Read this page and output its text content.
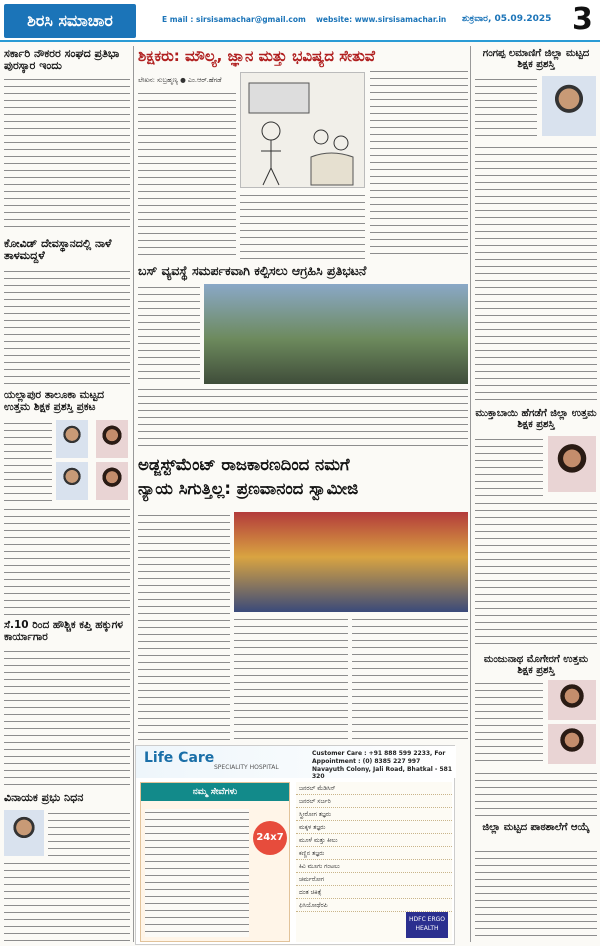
ಶಿರಸಿ ಸಮಾಚಾರ	E mail : sirsisamachar@gmail.com website: www.sirsisamachar.in ಶುಕ್ರವಾರ, 05.09.2025 3
ಸರ್ಕಾರಿ ನೌಕರರ ಸಂಘದ ಪ್ರತಿಭಾ ಪುರಸ್ಕಾರ ಇಂದು
ಕೋವಿಡ್ ದೇವಸ್ಥಾನದಲ್ಲಿ ನಾಳೆ ತಾಳಮದ್ದಳೆ
ಯಲ್ಲಾಪುರ ತಾಲೂಕಾ ಮಟ್ಟದ ಉತ್ತಮ ಶಿಕ್ಷಕ ಪ್ರಶಸ್ತಿ ಪ್ರಕಟ
ಸೆ.10 ರಿಂದ ಹೌಶ್ಚಿಕ ಕಪ್ತಿ ಹಕ್ಕುಗಳ ಕಾರ್ಯಾಗಾರ
ವಿನಾಯಕ ಪ್ರಭು ನಿಧನ
ಶಿಕ್ಷಕರು: ಮೌಲ್ಯ, ಜ್ಞಾನ ಮತ್ತು ಭವಿಷ್ಯದ ಸೇತುವೆ
ಲೇಖನ: ಸುಬ್ರಹ್ಮಣ್ಯ ● ಎಂ.ಆರ್.ಹೆಗಡೆ
ಬಸ್ ವ್ಯವಸ್ಥೆ ಸಮರ್ಪಕವಾಗಿ ಕಲ್ಪಿಸಲು ಆಗ್ರಹಿಸಿ ಪ್ರತಿಭಟನೆ
ಅಡ್ಜಸ್ಟ್‌ಮೆಂಟ್ ರಾಜಕಾರಣದಿಂದ ನಮಗೆ
ನ್ಯಾಯ ಸಿಗುತ್ತಿಲ್ಲ: ಪ್ರಣವಾನಂದ ಸ್ವಾಮೀಜಿ
Life Care
SPECIALITY HOSPITAL
Customer Care : +91 888 599 2233, For Appointment : (0) 8385 227 997
Navayuth Colony, Jali Road, Bhatkal - 581 320
ನಮ್ಮ ಸೇವೆಗಳು
24x7
ಜನರಲ್ ಮೆಡಿಸಿನ್
ಜನರಲ್ ಸರ್ಜರಿ
ಸ್ತ್ರೀರೋಗ ತಜ್ಞರು
ಮಕ್ಕಳ ತಜ್ಞರು
ಮೂಳೆ ಮತ್ತು ಕೀಲು
ಕಣ್ಣಿನ ತಜ್ಞರು
ಕಿವಿ ಮೂಗು ಗಂಟಲು
ಚರ್ಮರೋಗ
ದಂತ ಚಿಕಿತ್ಸೆ
ಫಿಸಿಯೋಥೆರಪಿ
HDFC ERGO HEALTH
ಗಂಗಪ್ಪ ಲಮಾಣಿಗೆ ಜಿಲ್ಲಾ ಮಟ್ಟದ ಶಿಕ್ಷಕ ಪ್ರಶಸ್ತಿ
ಮುಕ್ತಾಬಾಯಿ ಹೆಗಡೆಗೆ ಜಿಲ್ಲಾ ಉತ್ತಮ ಶಿಕ್ಷಕ ಪ್ರಶಸ್ತಿ
ಮಂಜುನಾಥ ಮೊಗೇರಗೆ ಉತ್ತಮ ಶಿಕ್ಷಕ ಪ್ರಶಸ್ತಿ
ಜಿಲ್ಲಾ ಮಟ್ಟದ ಪಾಠಶಾಲೆಗೆ ಆಯ್ಕೆ
